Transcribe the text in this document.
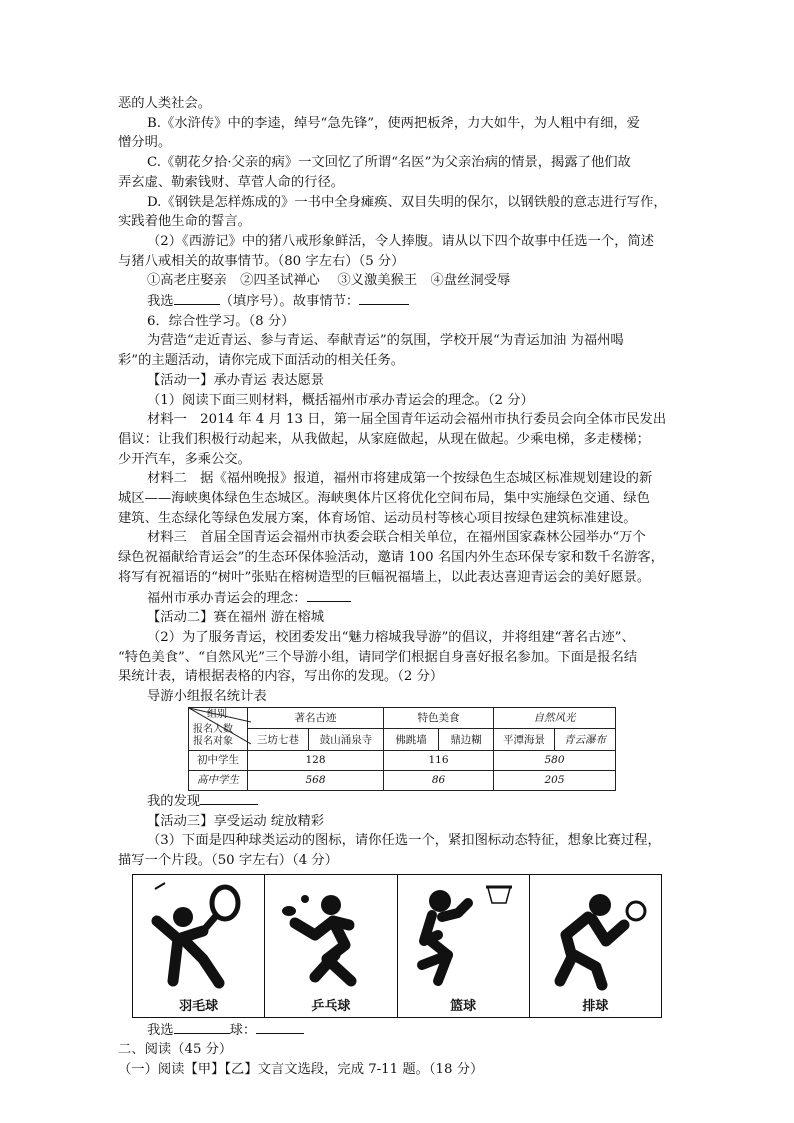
恶的人类社会。

B.《水浒传》中的李逵，绰号“急先锋”，使两把板斧，力大如牛，为人粗中有细，爱

憎分明。

C.《朝花夕拾·父亲的病》一文回忆了所谓“名医”为父亲治病的情景，揭露了他们故

弄玄虚、勒索钱财、草菅人命的行径。

D.《钢铁是怎样炼成的》一书中全身瘫痪、双目失明的保尔，以钢铁般的意志进行写作，

实践着他生命的誓言。

（2）《西游记》中的猪八戒形象鲜活，令人捧腹。请从以下四个故事中任选一个，简述

与猪八戒相关的故事情节。（80 字左右）（5 分）

①高老庄娶亲　②四圣试禅心　 ③义激美猴王　④盘丝洞受辱

我选	（填序号）。故事情节：

6．综合性学习。（8 分）

为营造“走近青运、参与青运、奉献青运”的氛围，学校开展“为青运加油 为福州喝

彩”的主题活动，请你完成下面活动的相关任务。

【活动一】承办青运 表达愿景

（1）阅读下面三则材料，概括福州市承办青运会的理念。（2 分）

材料一　2014 年 4 月 13 日，第一届全国青年运动会福州市执行委员会向全体市民发出

倡议：让我们积极行动起来，从我做起，从家庭做起，从现在做起。少乘电梯，多走楼梯；

少开汽车，多乘公交。

材料二　据《福州晚报》报道，福州市将建成第一个按绿色生态城区标准规划建设的新

城区——海峡奥体绿色生态城区。海峡奥体片区将优化空间布局，集中实施绿色交通、绿色

建筑、生态绿化等绿色发展方案，体育场馆、运动员村等核心项目按绿色建筑标准建设。

材料三　首届全国青运会福州市执委会联合相关单位，在福州国家森林公园举办“万个

绿色祝福献给青运会”的生态环保体验活动，邀请 100 名国内外生态环保专家和数千名游客，

将写有祝福语的“树叶”张贴在榕树造型的巨幅祝福墙上，以此表达喜迎青运会的美好愿景。

福州市承办青运会的理念：

【活动二】赛在福州 游在榕城

（2）为了服务青运，校团委发出“魅力榕城我导游”的倡议，并将组建“著名古迹”、

“特色美食”、“自然风光”三个导游小组，请同学们根据自身喜好报名参加。下面是报名结

果统计表，请根据表格的内容，写出你的发现。（2 分）

导游小组报名统计表

组别
报名人数
报名对象	著名古迹		特色美食		自然风光	
	三坊七巷	鼓山涌泉寺	佛跳墙	鼎边糊	平潭海景	青云瀑布
初中学生	128		116		580	
高中学生	568		86		205	

我的发现

【活动三】享受运动 绽放精彩

（3）下面是四种球类运动的图标，请你任选一个，紧扣图标动态特征，想象比赛过程，

描写一个片段。（50 字左右）（4 分）

羽毛球	乒乓球	篮球	排球

我选	球：

二、阅读（45 分）

（一）阅读【甲】【乙】文言文选段，完成 7-11 题。（18 分）
